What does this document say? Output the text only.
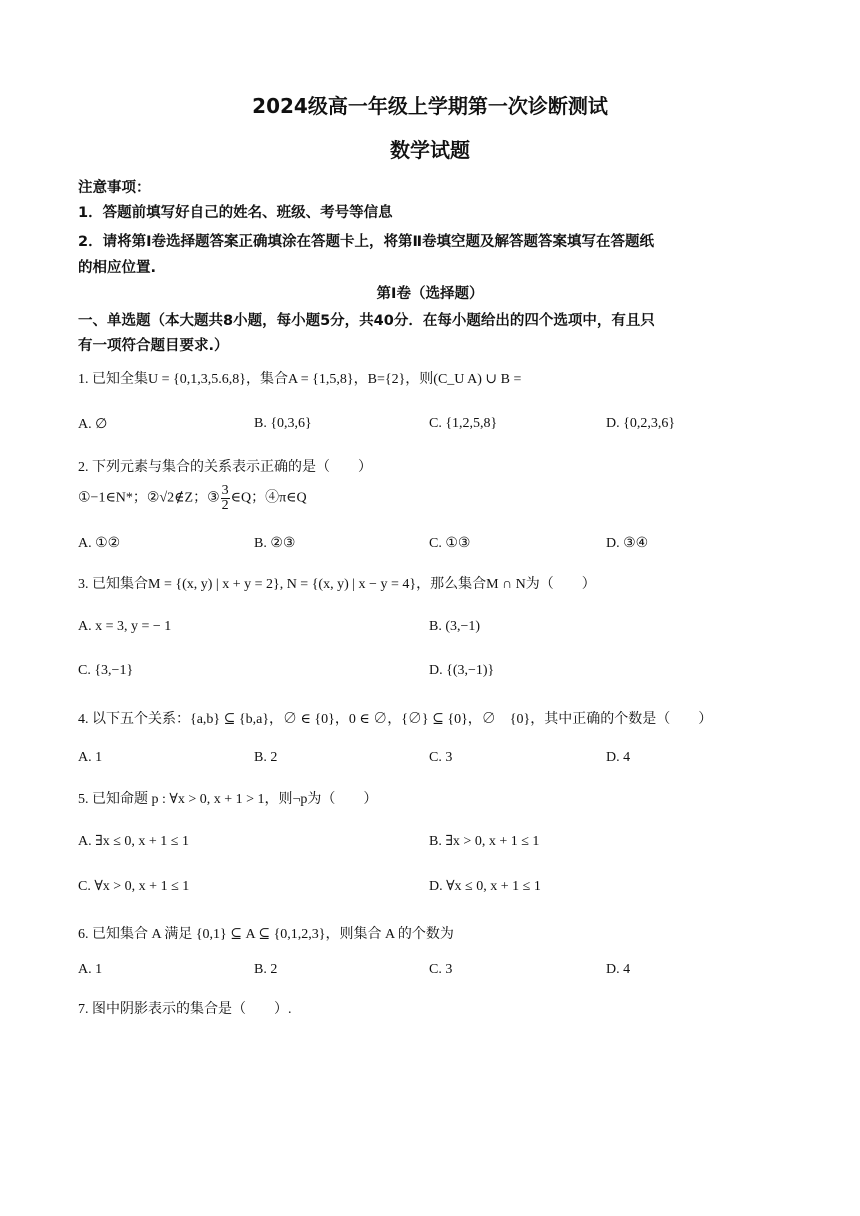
2024级高一年级上学期第一次诊断测试
数学试题
注意事项：
1．答题前填写好自己的姓名、班级、考号等信息
2．请将第Ⅰ卷选择题答案正确填涂在答题卡上，将第Ⅱ卷填空题及解答题答案填写在答题纸
的相应位置.
第Ⅰ卷（选择题）
一、单选题（本大题共8小题，每小题5分，共40分．在每小题给出的四个选项中，有且只
有一项符合题目要求.）
1. 已知全集U = {0,1,3,5.6,8}，集合A = {1,5,8}，B={2}，则(C_U A) ∪ B =
A. ∅	B. {0,3,6}	C. {1,2,5,8}	D. {0,2,3,6}
2. 下列元素与集合的关系表示正确的是（　　）
①−1∈N*；②√2∉Z；③ $\frac{3}{2}$ ∈Q；④π∈Q
A. ①②	B. ②③	C. ①③	D. ③④
3. 已知集合M = {(x, y) | x + y = 2}, N = {(x, y) | x − y = 4}，那么集合M ∩ N为（　　）
A. x = 3, y = − 1	B. (3,−1)
C. {3,−1}	D. {(3,−1)}
4. 以下五个关系：{a,b} ⊆ {b,a}，∅ ∈ {0}，0 ∈ ∅，{∅} ⊆ {0}，∅　{0}，其中正确的个数是（　　）
A. 1	B. 2	C. 3	D. 4
5. 已知命题 p : ∀x > 0, x + 1 > 1，则¬p为（　　）
A. ∃x ≤ 0, x + 1 ≤ 1	B. ∃x > 0, x + 1 ≤ 1
C. ∀x > 0, x + 1 ≤ 1	D. ∀x ≤ 0, x + 1 ≤ 1
6. 已知集合 A 满足 {0,1} ⊆ A ⊆ {0,1,2,3}，则集合 A 的个数为
A. 1	B. 2	C. 3	D. 4
7. 图中阴影表示的集合是（　　）.
